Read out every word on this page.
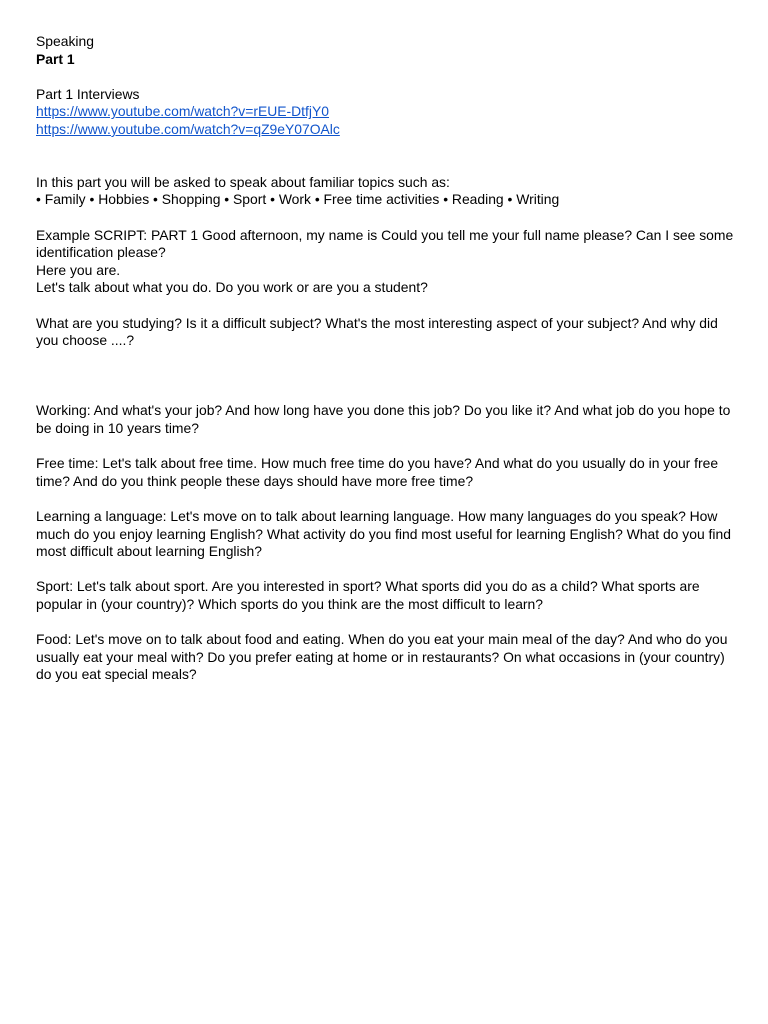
Speaking
Part 1
Part 1 Interviews
https://www.youtube.com/watch?v=rEUE-DtfjY0
https://www.youtube.com/watch?v=qZ9eY07OAlc

In this part you will be asked to speak about familiar topics such as:

• Family • Hobbies • Shopping • Sport • Work • Free time activities • Reading • Writing

Example SCRIPT: PART 1 Good afternoon, my name is Could you tell me your full name please? Can I see some identification please?

Here you are.

Let's talk about what you do. Do you work or are you a student?

What are you studying? Is it a difficult subject? What's the most interesting aspect of your subject? And why did you choose ....?

Working: And what's your job? And how long have you done this job? Do you like it? And what job do you hope to be doing in 10 years time?

Free time: Let's talk about free time. How much free time do you have? And what do you usually do in your free time? And do you think people these days should have more free time?

Learning a language: Let's move on to talk about learning language. How many languages do you speak? How much do you enjoy learning English? What activity do you find most useful for learning English? What do you find most difficult about learning English?

Sport: Let's talk about sport. Are you interested in sport? What sports did you do as a child? What sports are popular in (your country)? Which sports do you think are the most difficult to learn?

Food: Let's move on to talk about food and eating. When do you eat your main meal of the day? And who do you usually eat your meal with? Do you prefer eating at home or in restaurants? On what occasions in (your country) do you eat special meals?
